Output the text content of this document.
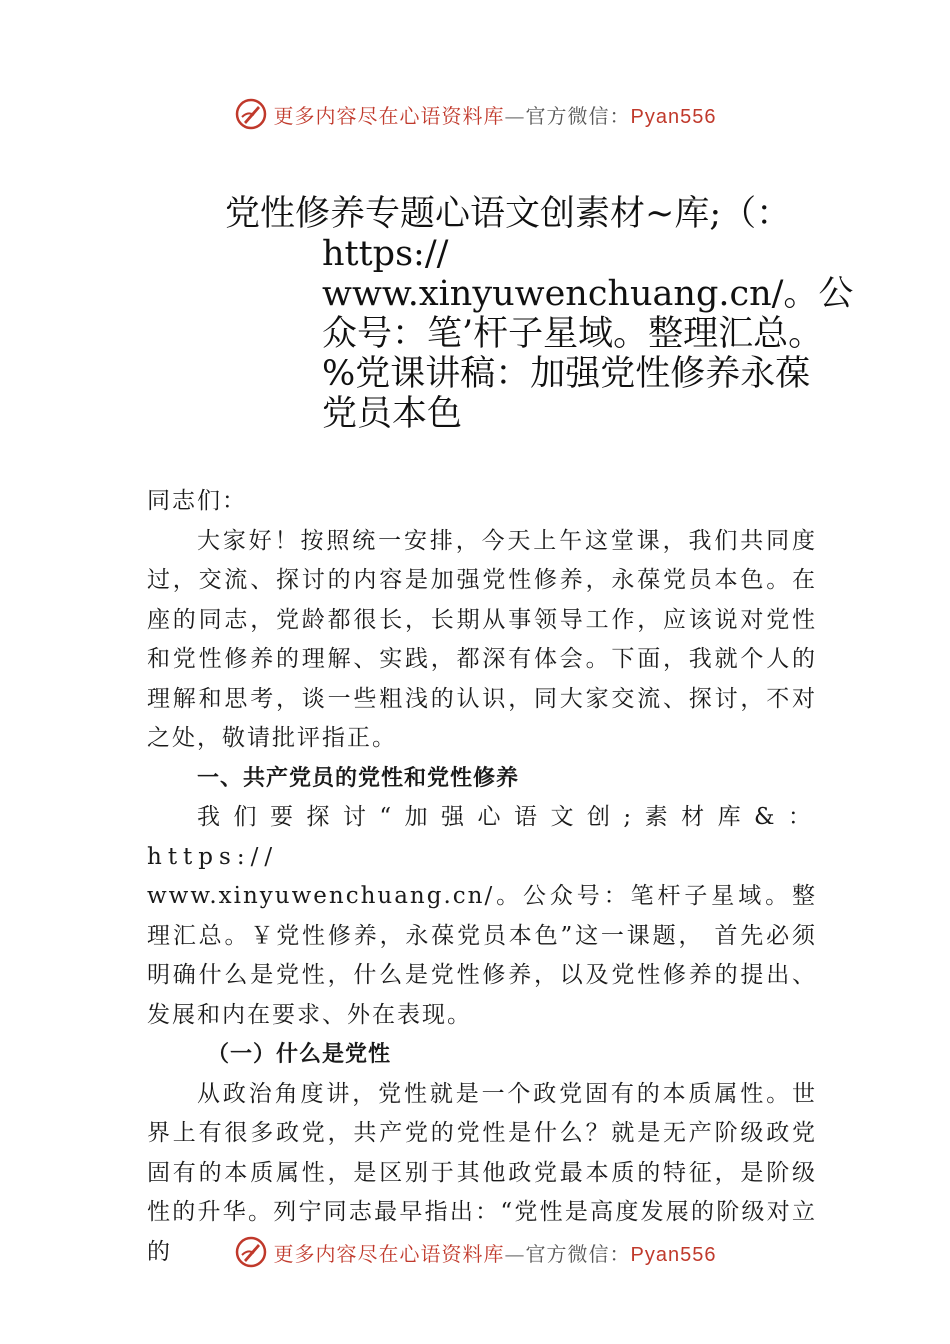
更多内容尽在心语资料库—官方微信：Pyan556
党性修养专题心语文创素材~库;（：
https://
www.xinyuwenchuang.cn/。公
众号：笔’杆子星域。整理汇总。
%党课讲稿：加强党性修养永葆
党员本色

同志们：

大家好！按照统一安排，今天上午这堂课，我们共同度过，交流、探讨的内容是加强党性修养，永葆党员本色。在座的同志，党龄都很长，长期从事领导工作，应该说对党性和党性修养的理解、实践，都深有体会。下面，我就个人的理解和思考，谈一些粗浅的认识，同大家交流、探讨，不对之处，敬请批评指正。

一、共产党员的党性和党性修养

我们要探讨“加强心语文创;素材库&：https://

www.xinyuwenchuang.cn/。公众号：笔杆子星域。整理汇总。￥党性修养，永葆党员本色”这一课题， 首先必须明确什么是党性，什么是党性修养，以及党性修养的提出、发展和内在要求、外在表现。

（一）什么是党性

从政治角度讲，党性就是一个政党固有的本质属性。世界上有很多政党，共产党的党性是什么？就是无产阶级政党固有的本质属性，是区别于其他政党最本质的特征，是阶级性的升华。列宁同志最早指出：“党性是高度发展的阶级对立的	更多内容尽在心语资料库—官方微信：Pyan556
